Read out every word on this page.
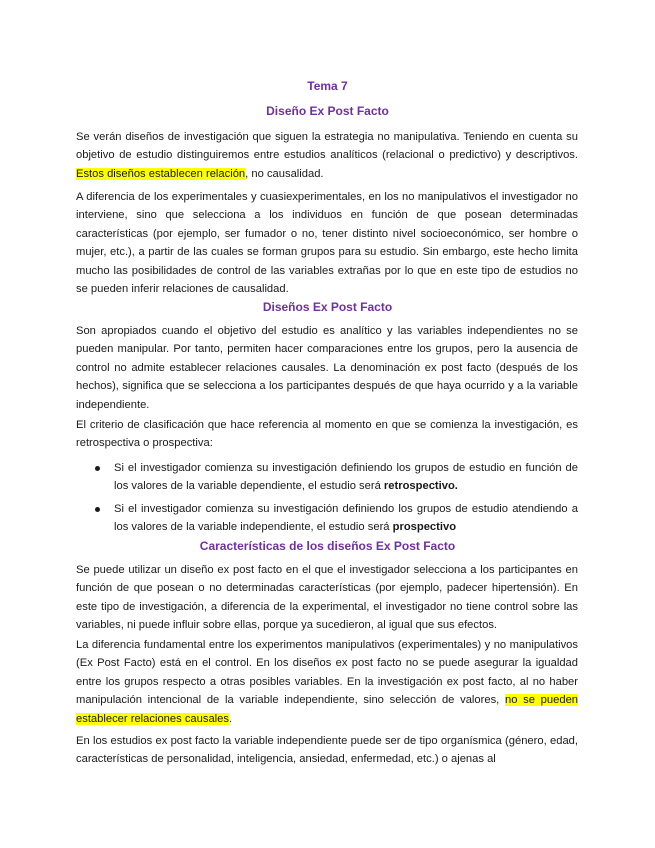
Tema 7

Diseño Ex Post Facto

Se verán diseños de investigación que siguen la estrategia no manipulativa. Teniendo en cuenta su objetivo de estudio distinguiremos entre estudios analíticos (relacional o predictivo) y descriptivos. Estos diseños establecen relación, no causalidad.

A diferencia de los experimentales y cuasiexperimentales, en los no manipulativos el investigador no interviene, sino que selecciona a los individuos en función de que posean determinadas características (por ejemplo, ser fumador o no, tener distinto nivel socioeconómico, ser hombre o mujer, etc.), a partir de las cuales se forman grupos para su estudio. Sin embargo, este hecho limita mucho las posibilidades de control de las variables extrañas por lo que en este tipo de estudios no se pueden inferir relaciones de causalidad.

Diseños Ex Post Facto

Son apropiados cuando el objetivo del estudio es analítico y las variables independientes no se pueden manipular. Por tanto, permiten hacer comparaciones entre los grupos, pero la ausencia de control no admite establecer relaciones causales. La denominación ex post facto (después de los hechos), significa que se selecciona a los participantes después de que haya ocurrido y a la variable independiente.

El criterio de clasificación que hace referencia al momento en que se comienza la investigación, es retrospectiva o prospectiva:

Si el investigador comienza su investigación definiendo los grupos de estudio en función de los valores de la variable dependiente, el estudio será retrospectivo.
Si el investigador comienza su investigación definiendo los grupos de estudio atendiendo a los valores de la variable independiente, el estudio será prospectivo

Características de los diseños Ex Post Facto

Se puede utilizar un diseño ex post facto en el que el investigador selecciona a los participantes en función de que posean o no determinadas características (por ejemplo, padecer hipertensión). En este tipo de investigación, a diferencia de la experimental, el investigador no tiene control sobre las variables, ni puede influir sobre ellas, porque ya sucedieron, al igual que sus efectos.

La diferencia fundamental entre los experimentos manipulativos (experimentales) y no manipulativos (Ex Post Facto) está en el control. En los diseños ex post facto no se puede asegurar la igualdad entre los grupos respecto a otras posibles variables. En la investigación ex post facto, al no haber manipulación intencional de la variable independiente, sino selección de valores, no se pueden establecer relaciones causales.

En los estudios ex post facto la variable independiente puede ser de tipo organísmica (género, edad, características de personalidad, inteligencia, ansiedad, enfermedad, etc.) o ajenas al
